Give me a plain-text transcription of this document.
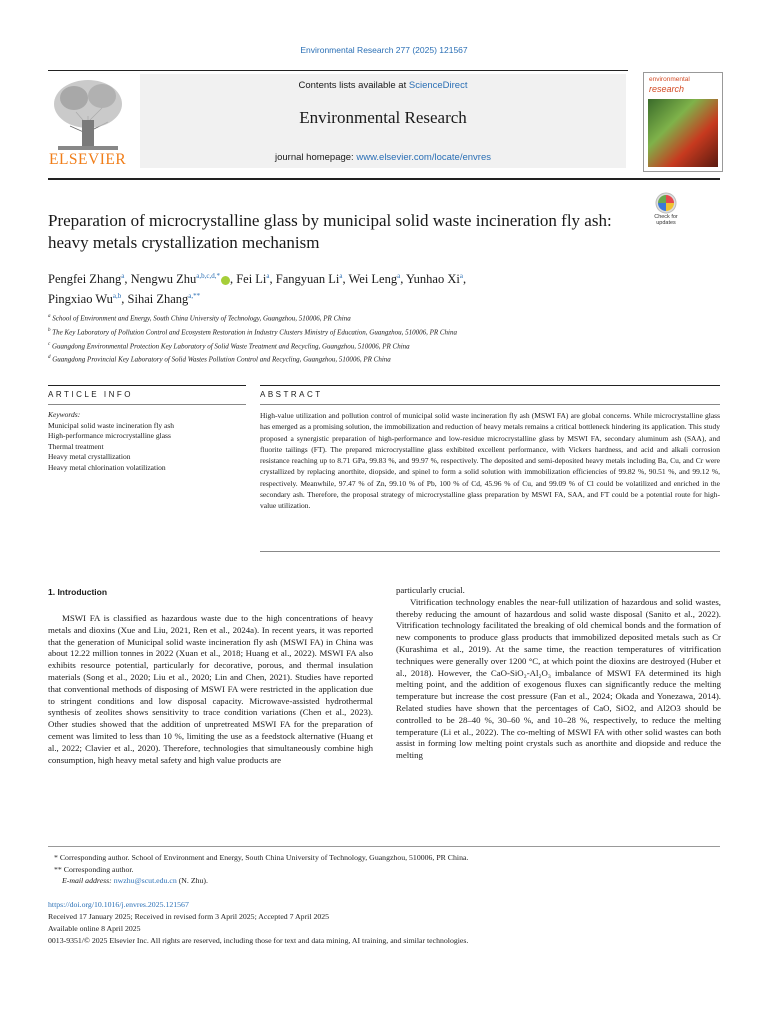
Environmental Research 277 (2025) 121567
ELSEVIER
Contents lists available at ScienceDirect
Environmental Research
journal homepage: www.elsevier.com/locate/envres
environmental
research
Check for updates
Preparation of microcrystalline glass by municipal solid waste incineration fly ash: heavy metals crystallization mechanism
Pengfei Zhang$^a$, Nengwu Zhu$^{a,b,c,d,*}$ , Fei Li$^a$, Fangyuan Li$^a$, Wei Leng$^a$, Yunhao Xi$^a$,
Pingxiao Wu$^{a,b}$, Sihai Zhang$^{a,**}$
$^a$ School of Environment and Energy, South China University of Technology, Guangzhou, 510006, PR China
$^b$ The Key Laboratory of Pollution Control and Ecosystem Restoration in Industry Clusters Ministry of Education, Guangzhou, 510006, PR China
$^c$ Guangdong Environmental Protection Key Laboratory of Solid Waste Treatment and Recycling, Guangzhou, 510006, PR China
$^d$ Guangdong Provincial Key Laboratory of Solid Wastes Pollution Control and Recycling, Guangzhou, 510006, PR China
ARTICLE INFO	ABSTRACT
Keywords:
Municipal solid waste incineration fly ash
High-performance microcrystalline glass
Thermal treatment
Heavy metal crystallization
Heavy metal chlorination volatilization
High-value utilization and pollution control of municipal solid waste incineration fly ash (MSWI FA) are global concerns. While microcrystalline glass has emerged as a promising solution, the immobilization and reduction of heavy metals remains a critical bottleneck hindering its application. This study proposed a synergistic preparation of high-performance and low-residue microcrystalline glass by MSWI FA, secondary aluminum ash (SAA), and fluorite tailings (FT). The prepared microcrystalline glass exhibited excellent performance, with Vickers hardness, and acid and alkali corrosion resistance reaching up to 8.71 GPa, 99.83 %, and 99.97 %, respectively. The deposited and semi-deposited heavy metals including Ba, Cu, and Cr were crystallized by replacing anorthite, diopside, and spinel to form a solid solution with immobilization efficiencies of 99.82 %, 90.51 %, and 99.12 %, respectively. Meanwhile, 97.47 % of Zn, 99.10 % of Pb, 100 % of Cd, 45.96 % of Cu, and 99.09 % of Cl could be volatilized and enriched in the secondary ash. Therefore, the proposal strategy of microcrystalline glass preparation by MSWI FA, SAA, and FT could be a potential route for high-value utilization.
1. Introduction

MSWI FA is classified as hazardous waste due to the high concentrations of heavy metals and dioxins (Xue and Liu, 2021, Ren et al., 2024a). In recent years, it was reported that the generation of Municipal solid waste incineration fly ash (MSWI FA) in China was about 12.22 million tonnes in 2022 (Xuan et al., 2018; Huang et al., 2022). MSWI FA also exhibits resource potential, particularly for decorative, porous, and thermal insulation materials (Song et al., 2020; Liu et al., 2020; Lin and Chen, 2021). Studies have reported that conventional methods of disposing of MSWI FA were restricted in the application due to stringent conditions and low disposal capacity. Microwave-assisted hydrothermal synthesis of zeolites shows sensitivity to trace condition variations (Chen et al., 2023). Other studies showed that the addition of unpretreated MSWI FA for the preparation of cement was limited to less than 10 %, limiting the use as a feedstock alternative (Huang et al., 2022; Clavier et al., 2020). Therefore, technologies that simultaneously combine high consumption, high heavy metal safety and high value products are

particularly crucial.

Vitrification technology enables the near-full utilization of hazardous and solid wastes, thereby reducing the amount of hazardous and solid waste disposal (Sanito et al., 2022). Vitrification technology facilitated the breaking of old chemical bonds and the formation of new components to produce glass products that immobilized deposited metals such as Cr (Kurashima et al., 2019). At the same time, the reaction temperatures of vitrification techniques were generally over 1200 °C, at which point the dioxins are destroyed (Huber et al., 2018). However, the CaO-SiO₂-Al₂O₃ imbalance of MSWI FA determined its high melting point, and the addition of exogenous fluxes can significantly reduce the melting temperature but increase the cost pressure (Fan et al., 2024; Okada and Yonezawa, 2014). Related studies have shown that the percentages of CaO, SiO2, and Al2O3 should be controlled to be 28–40 %, 30–60 %, and 10–28 %, respectively, to reduce the melting temperature (Li et al., 2022). The co-melting of MSWI FA with other solid wastes can both assist in forming low melting point crystals such as anorthite and diopside and reduce the melting

* Corresponding author. School of Environment and Energy, South China University of Technology, Guangzhou, 510006, PR China.
** Corresponding author.
E-mail address: nwzhu@scut.edu.cn (N. Zhu).
https://doi.org/10.1016/j.envres.2025.121567
Received 17 January 2025; Received in revised form 3 April 2025; Accepted 7 April 2025
Available online 8 April 2025
0013-9351/© 2025 Elsevier Inc. All rights are reserved, including those for text and data mining, AI training, and similar technologies.
